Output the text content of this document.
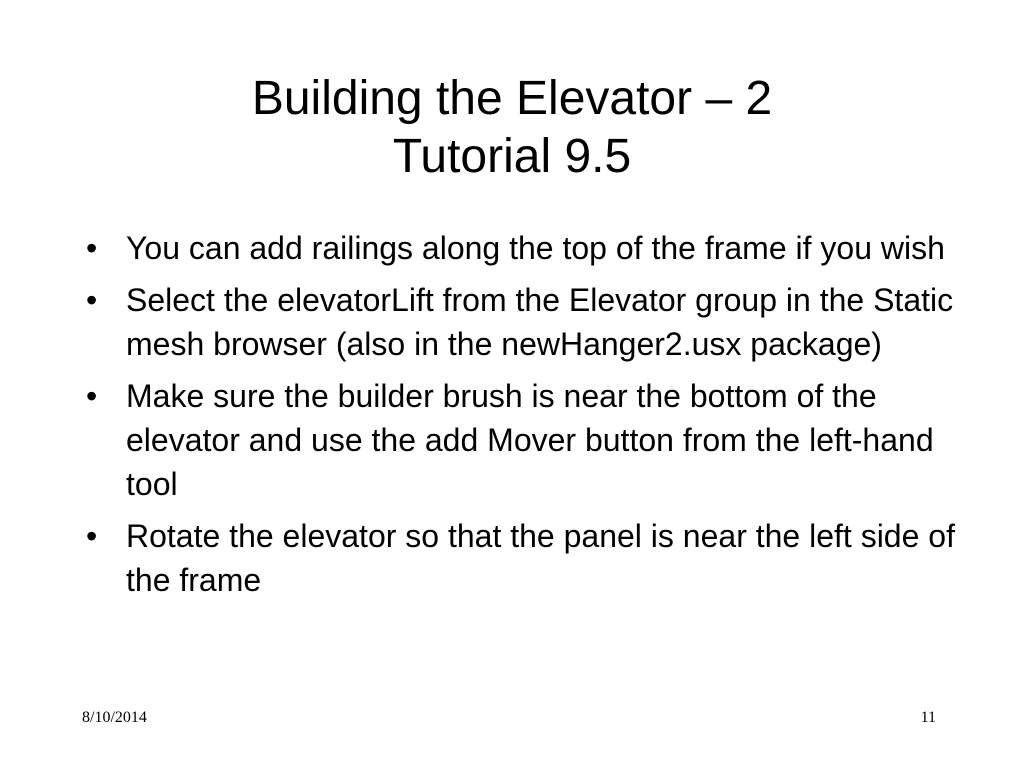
Building the Elevator – 2
Tutorial 9.5
• You can add railings along the top of the frame if you wish
• Select the elevatorLift from the Elevator group in the Static mesh browser (also in the newHanger2.usx package)
• Make sure the builder brush is near the bottom of the elevator and use the add Mover button from the left-hand tool
• Rotate the elevator so that the panel is near the left side of the frame
8/10/2014	11
